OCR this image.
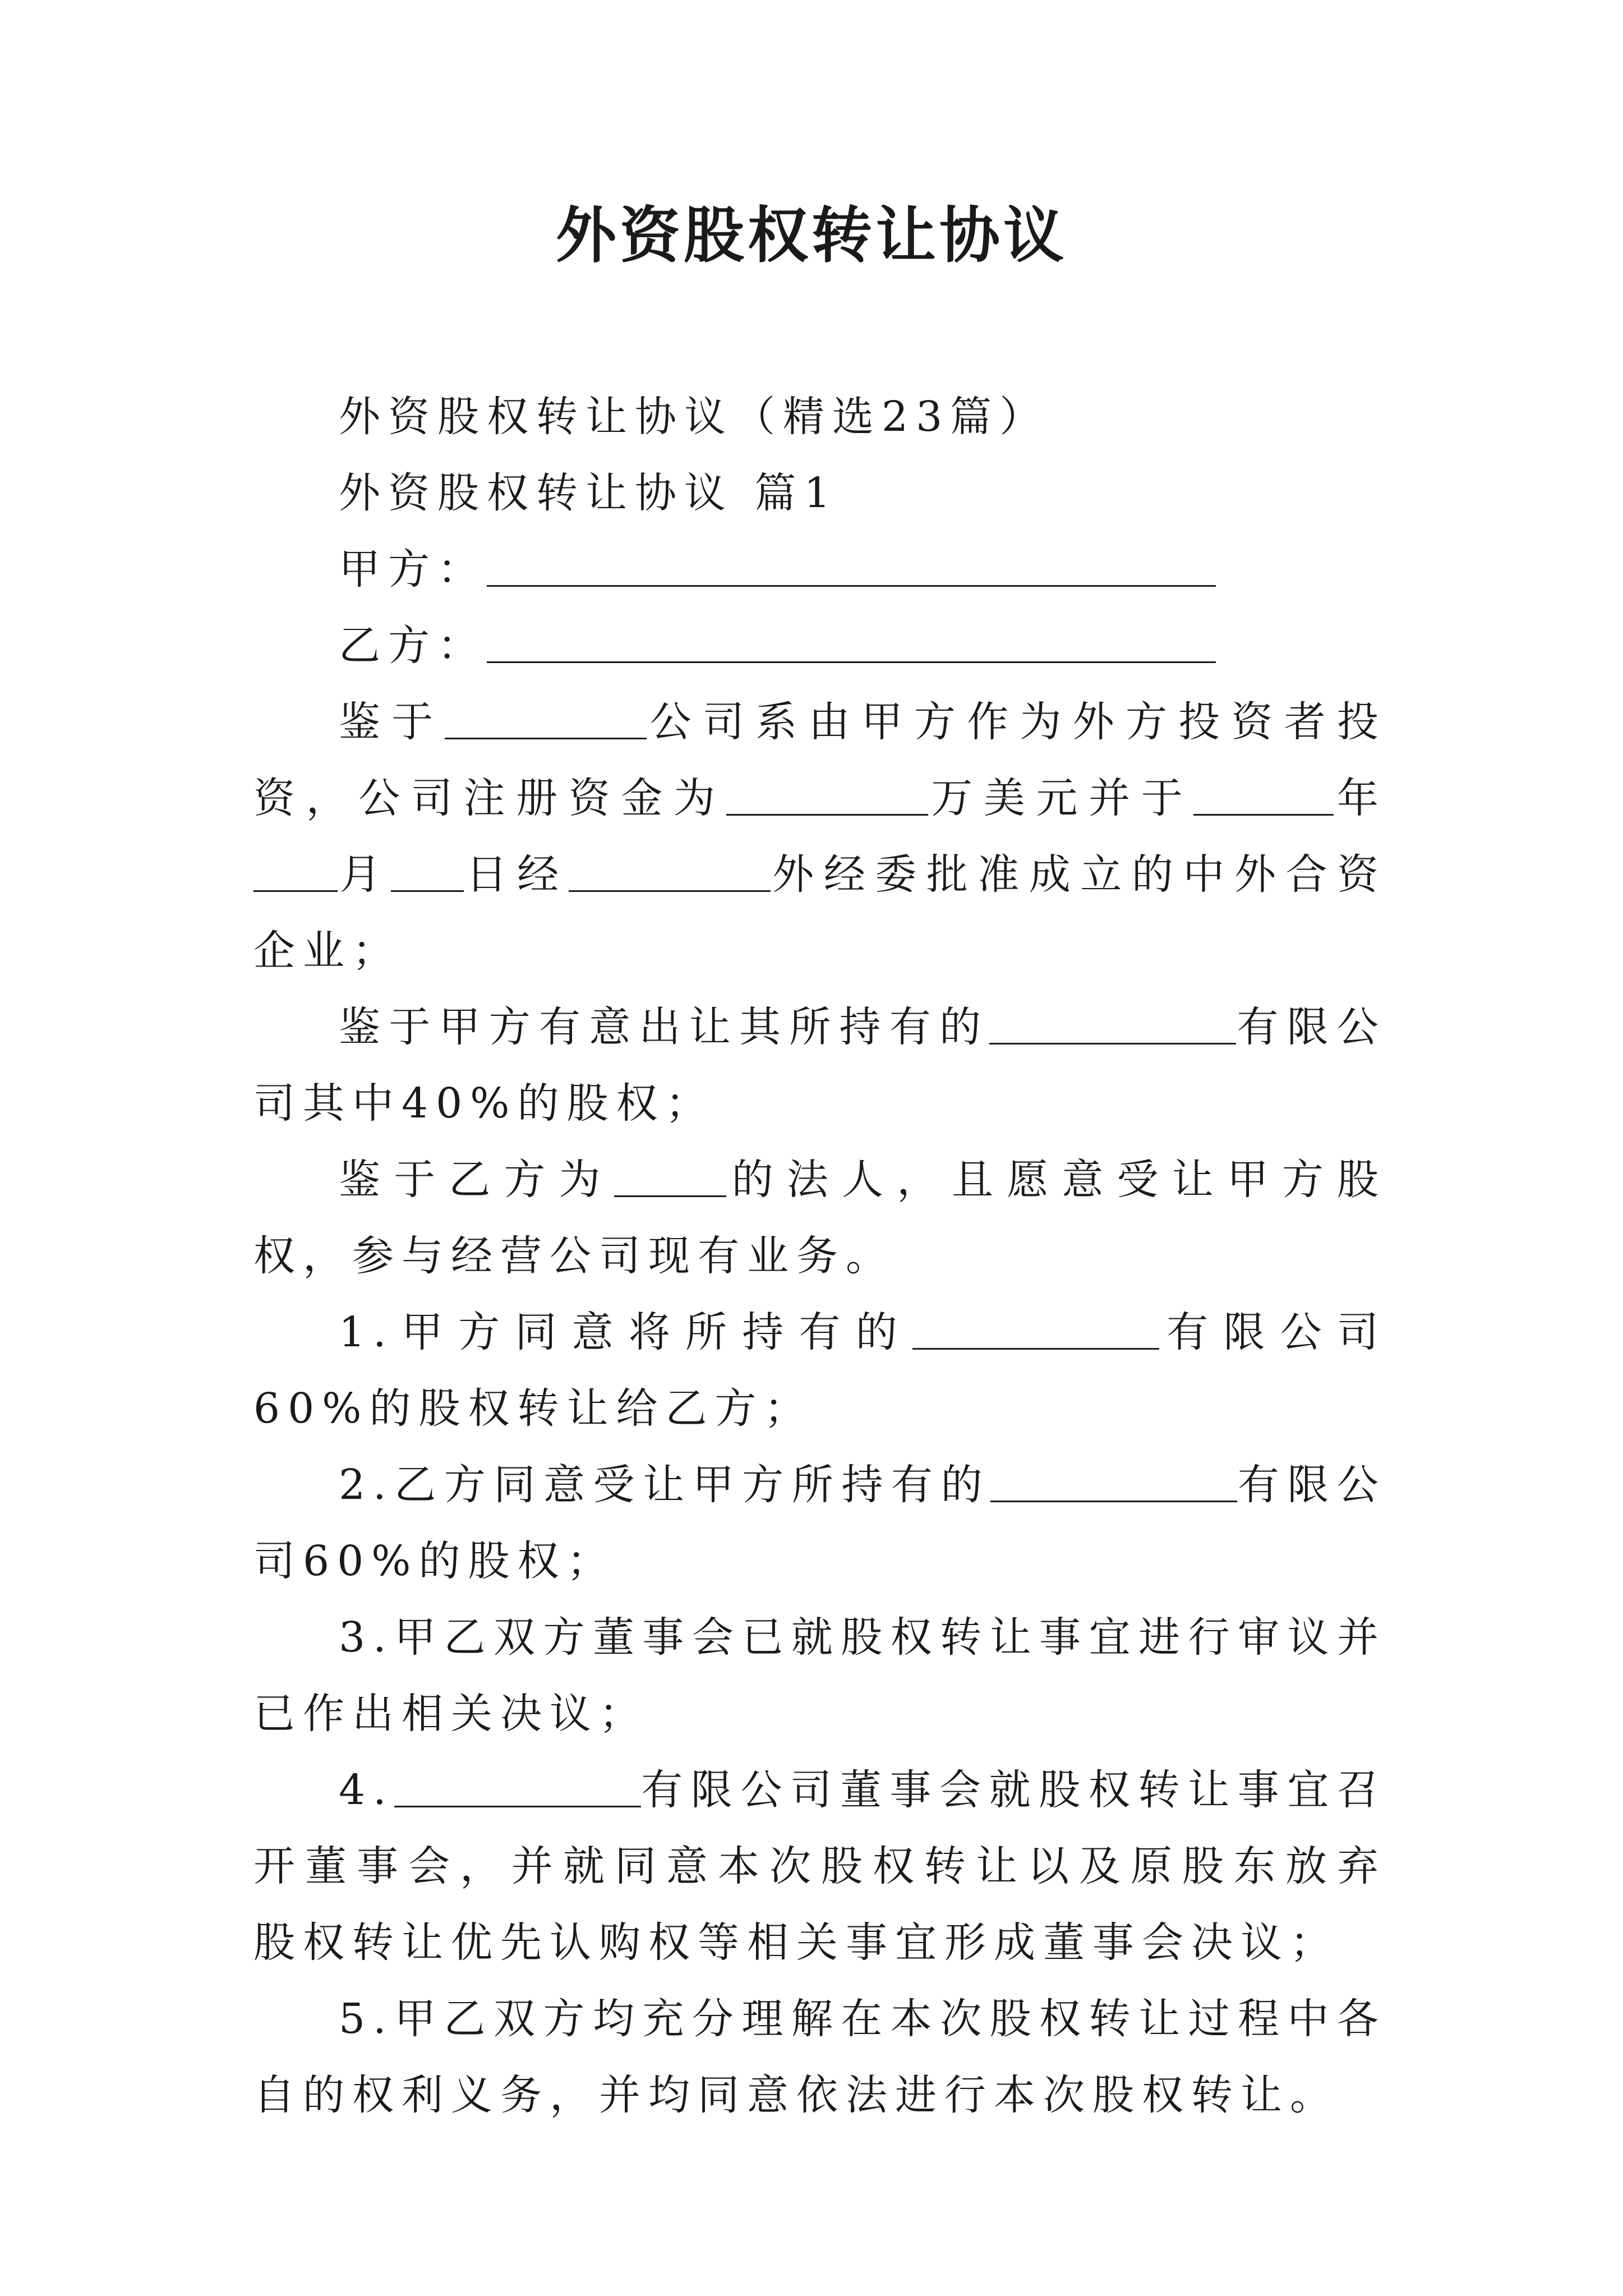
外资股权转让协议

外资股权转让协议（精选23篇）

外资股权转让协议 篇1

甲方：

乙方：

鉴于	公司系由甲方作为外方投资者投资，公司注册资金为	万美元并于	年月 日经	外经委批准成立的中外合资企业；

鉴于甲方有意出让其所持有的	有限公司其中40%的股权；

鉴于乙方为	的法人，且愿意受让甲方股权，参与经营公司现有业务。

1.甲方同意将所持有的	有限公司60%的股权转让给乙方；

2.乙方同意受让甲方所持有的	有限公司60%的股权；

3.甲乙双方董事会已就股权转让事宜进行审议并已作出相关决议；

4.	有限公司董事会就股权转让事宜召开董事会，并就同意本次股权转让以及原股东放弃股权转让优先认购权等相关事宜形成董事会决议；

5.甲乙双方均充分理解在本次股权转让过程中各自的权利义务，并均同意依法进行本次股权转让。
